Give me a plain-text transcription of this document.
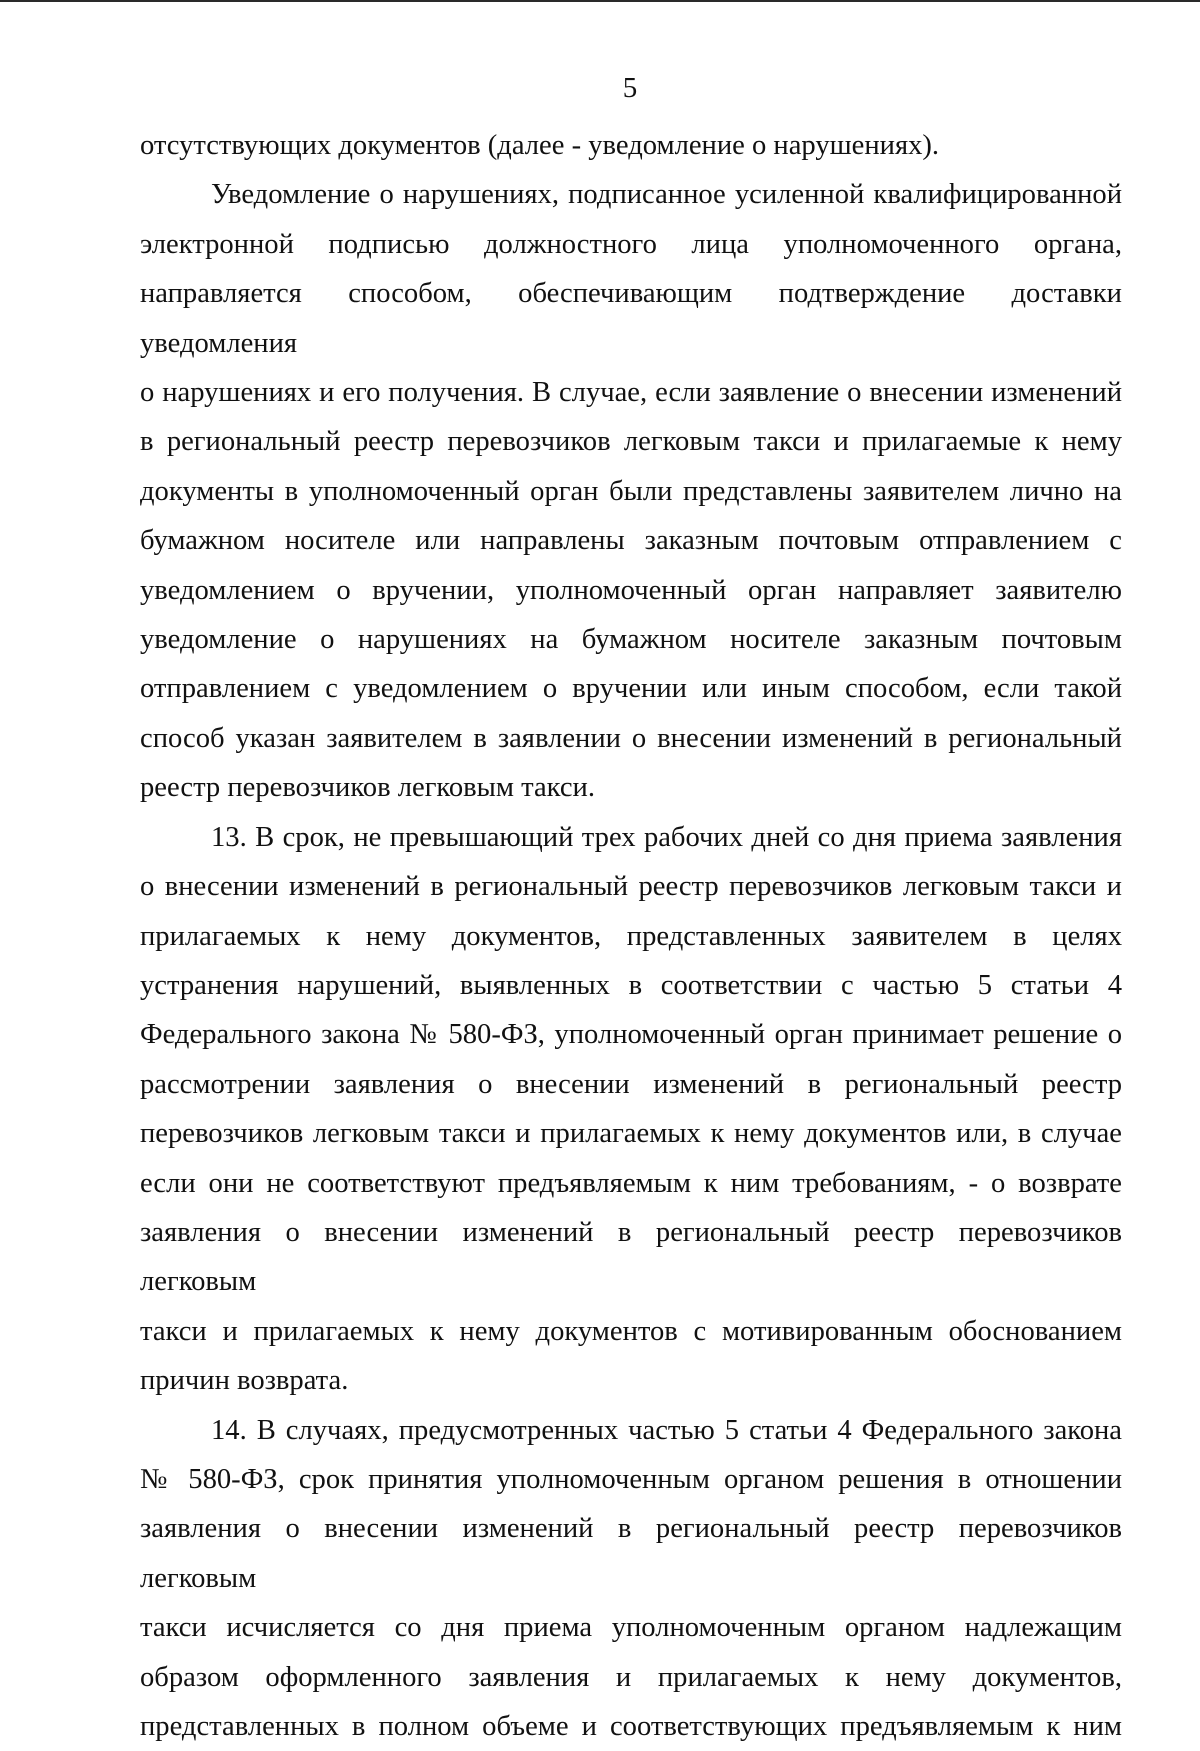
5

отсутствующих документов (далее - уведомление о нарушениях).

Уведомление о нарушениях, подписанное усиленной квалифицированной

электронной подписью должностного лица уполномоченного органа,

направляется способом, обеспечивающим подтверждение доставки уведомления

о нарушениях и его получения. В случае, если заявление о внесении изменений

в региональный реестр перевозчиков легковым такси и прилагаемые к нему

документы в уполномоченный орган были представлены заявителем лично на

бумажном носителе или направлены заказным почтовым отправлением с

уведомлением о вручении, уполномоченный орган направляет заявителю

уведомление о нарушениях на бумажном носителе заказным почтовым

отправлением с уведомлением о вручении или иным способом, если такой

способ указан заявителем в заявлении о внесении изменений в региональный

реестр перевозчиков легковым такси.

13. В срок, не превышающий трех рабочих дней со дня приема заявления

о внесении изменений в региональный реестр перевозчиков легковым такси и

прилагаемых к нему документов, представленных заявителем в целях

устранения нарушений, выявленных в соответствии с частью 5 статьи 4

Федерального закона № 580-ФЗ, уполномоченный орган принимает решение о

рассмотрении заявления о внесении изменений в региональный реестр

перевозчиков легковым такси и прилагаемых к нему документов или, в случае

если они не соответствуют предъявляемым к ним требованиям, - о возврате

заявления о внесении изменений в региональный реестр перевозчиков легковым

такси и прилагаемых к нему документов с мотивированным обоснованием

причин возврата.

14. В случаях, предусмотренных частью 5 статьи 4 Федерального закона

№ 580-ФЗ, срок принятия уполномоченным органом решения в отношении

заявления о внесении изменений в региональный реестр перевозчиков легковым

такси исчисляется со дня приема уполномоченным органом надлежащим

образом оформленного заявления и прилагаемых к нему документов,

представленных в полном объеме и соответствующих предъявляемым к ним
